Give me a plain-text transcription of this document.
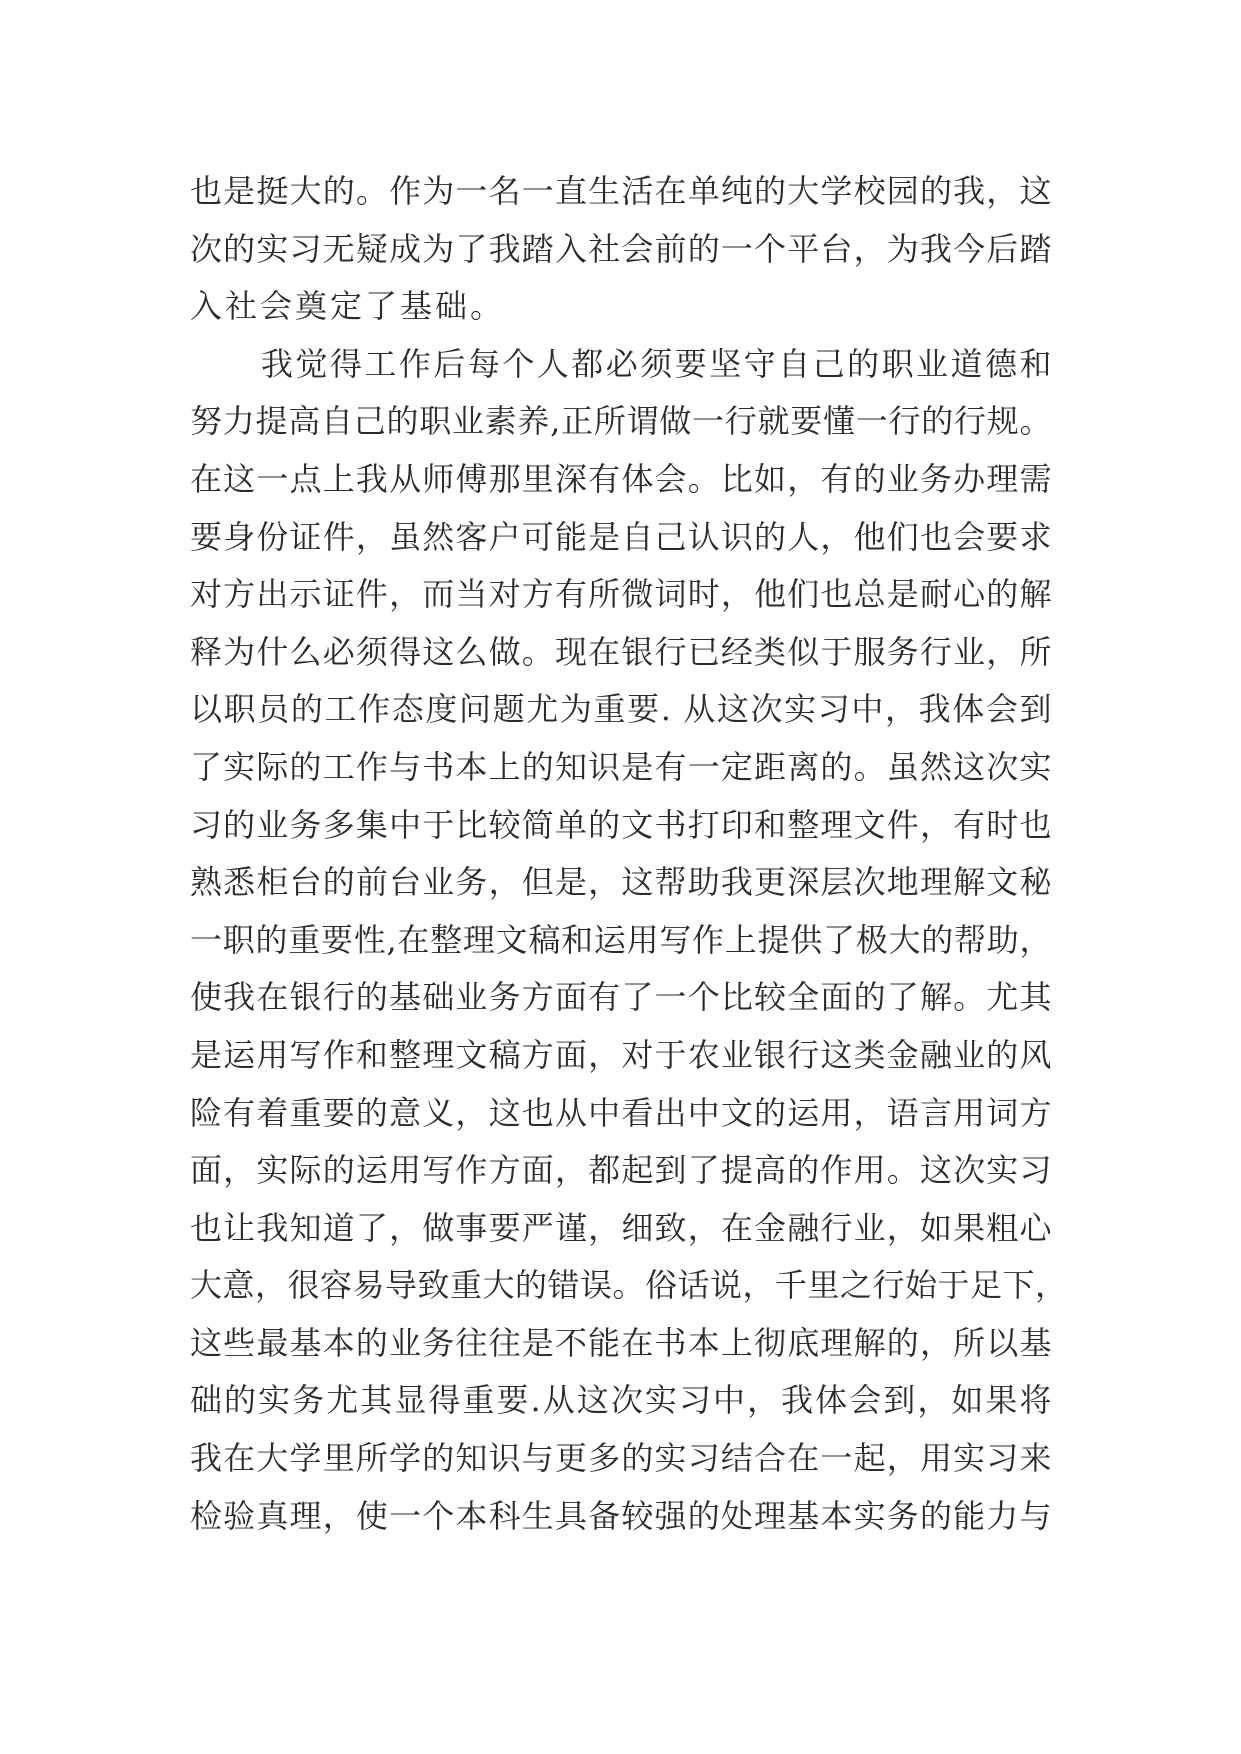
也是挺大的。作为一名一直生活在单纯的大学校园的我，这
次的实习无疑成为了我踏入社会前的一个平台，为我今后踏
入社会奠定了基础。
我觉得工作后每个人都必须要坚守自己的职业道德和
努力提高自己的职业素养,正所谓做一行就要懂一行的行规。
在这一点上我从师傅那里深有体会。比如，有的业务办理需
要身份证件，虽然客户可能是自己认识的人，他们也会要求
对方出示证件，而当对方有所微词时，他们也总是耐心的解
释为什么必须得这么做。现在银行已经类似于服务行业，所
以职员的工作态度问题尤为重要. 从这次实习中，我体会到
了实际的工作与书本上的知识是有一定距离的。虽然这次实
习的业务多集中于比较简单的文书打印和整理文件，有时也
熟悉柜台的前台业务，但是，这帮助我更深层次地理解文秘
一职的重要性,在整理文稿和运用写作上提供了极大的帮助，
使我在银行的基础业务方面有了一个比较全面的了解。尤其
是运用写作和整理文稿方面，对于农业银行这类金融业的风
险有着重要的意义，这也从中看出中文的运用，语言用词方
面，实际的运用写作方面，都起到了提高的作用。这次实习
也让我知道了，做事要严谨，细致，在金融行业，如果粗心
大意，很容易导致重大的错误。俗话说，千里之行始于足下，
这些最基本的业务往往是不能在书本上彻底理解的，所以基
础的实务尤其显得重要.从这次实习中，我体会到，如果将
我在大学里所学的知识与更多的实习结合在一起，用实习来
检验真理，使一个本科生具备较强的处理基本实务的能力与
